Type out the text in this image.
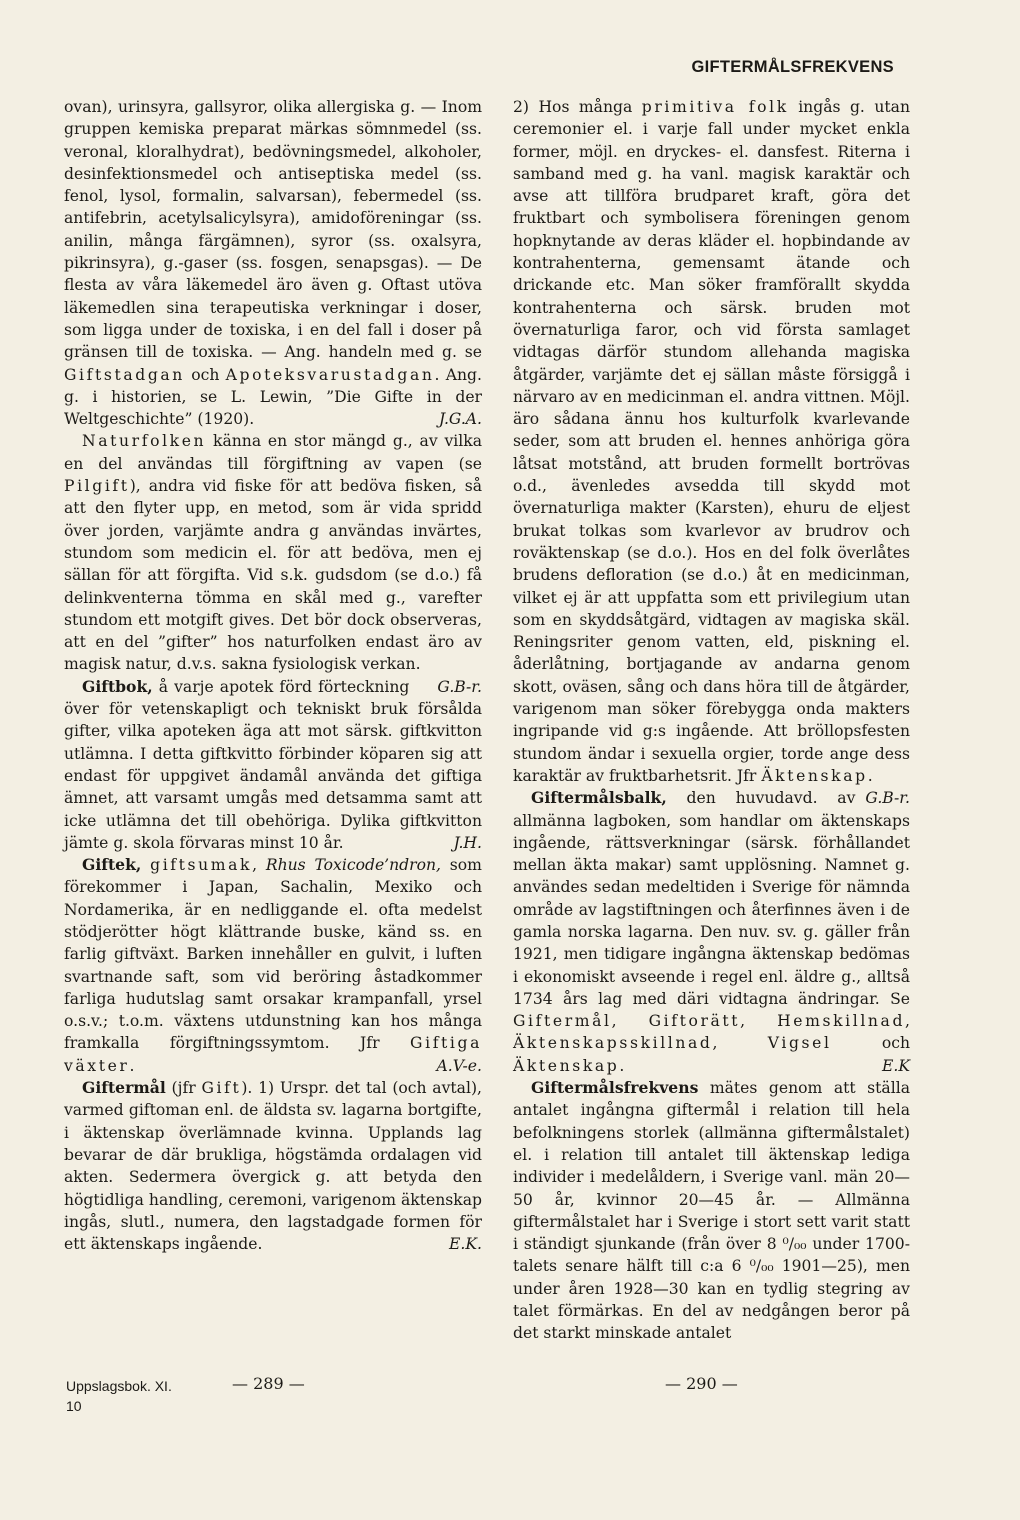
GIFTERMÅLSFREKVENS

ovan), urinsyra, gallsyror, olika allergiska g. — Inom gruppen kemiska preparat märkas sömnmedel (ss. veronal, kloralhydrat), bedövningsmedel, alkoholer, desinfektionsmedel och antiseptiska medel (ss. fenol, lysol, formalin, salvarsan), febermedel (ss. antifebrin, acetylsalicylsyra), amidoföreningar (ss. anilin, många färgämnen), syror (ss. oxalsyra, pikrinsyra), g.-gaser (ss. fosgen, senapsgas). — De flesta av våra läkemedel äro även g. Oftast utöva läkemedlen sina terapeutiska verkningar i doser, som ligga under de toxiska, i en del fall i doser på gränsen till de toxiska. — Ang. handeln med g. se Giftstadgan och Apoteksvarustadgan. Ang. g. i historien, se L. Lewin, ”Die Gifte in der Weltgeschichte” (1920).	J.G.A.

Naturfolken känna en stor mängd g., av vilka en del användas till förgiftning av vapen (se Pilgift), andra vid fiske för att bedöva fisken, så att den flyter upp, en metod, som är vida spridd över jorden, varjämte andra g användas invärtes, stundom som medicin el. för att bedöva, men ej sällan för att förgifta. Vid s.k. gudsdom (se d.o.) få delinkventerna tömma en skål med g., varefter stundom ett motgift gives. Det bör dock observeras, att en del ”gifter” hos naturfolken endast äro av magisk natur, d.v.s. sakna fysiologisk verkan.
G.B-r.

Giftbok, å varje apotek förd förteckning över för vetenskapligt och tekniskt bruk försålda gifter, vilka apoteken äga att mot särsk. giftkvitton utlämna. I detta giftkvitto förbinder köparen sig att endast för uppgivet ändamål använda det giftiga ämnet, att varsamt umgås med detsamma samt att icke utlämna det till obehöriga. Dylika giftkvitton jämte g. skola förvaras minst 10 år.	J.H.

Giftek, giftsumak, Rhus Toxicode’ndron, som förekommer i Japan, Sachalin, Mexiko och Nordamerika, är en nedliggande el. ofta medelst stödjerötter högt klättrande buske, känd ss. en farlig giftväxt. Barken innehåller en gulvit, i luften svartnande saft, som vid beröring åstadkommer farliga hudutslag samt orsakar krampanfall, yrsel o.s.v.; t.o.m. växtens utdunstning kan hos många framkalla förgiftningssymtom. Jfr Giftiga växter.	A.V-e.

Giftermål (jfr Gift). 1) Urspr. det tal (och avtal), varmed giftoman enl. de äldsta sv. lagarna bortgifte, i äktenskap överlämnade kvinna. Upplands lag bevarar de där brukliga, högstämda ordalagen vid akten. Sedermera övergick g. att betyda den högtidliga handling, ceremoni, varigenom äktenskap ingås, slutl., numera, den lagstadgade formen för ett äktenskaps ingående.	E.K.

2) Hos många primitiva folk ingås g. utan ceremonier el. i varje fall under mycket enkla former, möjl. en dryckes- el. dansfest. Riterna i samband med g. ha vanl. magisk karaktär och avse att tillföra brudparet kraft, göra det fruktbart och symbolisera föreningen genom hopknytande av deras kläder el. hopbindande av kontrahenterna, gemensamt ätande och drickande etc. Man söker framförallt skydda kontrahenterna och särsk. bruden mot övernaturliga faror, och vid första samlaget vidtagas därför stundom allehanda magiska åtgärder, varjämte det ej sällan måste försiggå i närvaro av en medicinman el. andra vittnen. Möjl. äro sådana ännu hos kulturfolk kvarlevande seder, som att bruden el. hennes anhöriga göra låtsat motstånd, att bruden formellt bortrövas o.d., ävenledes avsedda till skydd mot övernaturliga makter (Karsten), ehuru de eljest brukat tolkas som kvarlevor av brudrov och roväktenskap (se d.o.). Hos en del folk överlåtes brudens defloration (se d.o.) åt en medicinman, vilket ej är att uppfatta som ett privilegium utan som en skyddsåtgärd, vidtagen av magiska skäl. Reningsriter genom vatten, eld, piskning el. åderlåtning, bortjagande av andarna genom skott, oväsen, sång och dans höra till de åtgärder, varigenom man söker förebygga onda makters ingripande vid g:s ingående. Att bröllopsfesten stundom ändar i sexuella orgier, torde ange dess karaktär av fruktbarhetsrit. Jfr Äktenskap.
G.B-r.

Giftermålsbalk, den huvudavd. av allmänna lagboken, som handlar om äktenskaps ingående, rättsverkningar (särsk. förhållandet mellan äkta makar) samt upplösning. Namnet g. användes sedan medeltiden i Sverige för nämnda område av lagstiftningen och återfinnes även i de gamla norska lagarna. Den nuv. sv. g. gäller från 1921, men tidigare ingångna äktenskap bedömas i ekonomiskt avseende i regel enl. äldre g., alltså 1734 års lag med däri vidtagna ändringar. Se Giftermål, Giftorätt, Hemskillnad, Äktenskapsskillnad, Vigsel och Äktenskap.	E.K

Giftermålsfrekvens mätes genom att ställa antalet ingångna giftermål i relation till hela befolkningens storlek (allmänna giftermålstalet) el. i relation till antalet till äktenskap lediga individer i medelåldern, i Sverige vanl. män 20—50 år, kvinnor 20—45 år. — Allmänna giftermålstalet har i Sverige i stort sett varit statt i ständigt sjunkande (från över 8 ⁰/₀₀ under 1700-talets senare hälft till c:a 6 ⁰/₀₀ 1901—25), men under åren 1928—30 kan en tydlig stegring av talet förmärkas. En del av nedgången beror på det starkt minskade antalet

Uppslagsbok. XI.
10
— 289 —	— 290 —
